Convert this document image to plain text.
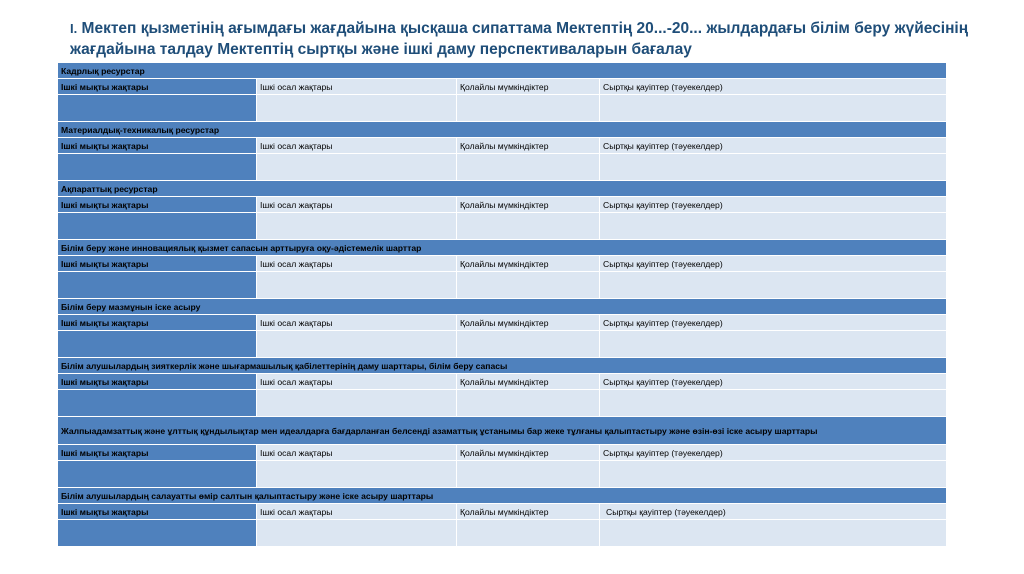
I. Мектеп қызметінің ағымдағы жағдайына қысқаша сипаттама Мектептің 20...-20... жылдардағы білім беру жүйесінің жағдайына талдау Мектептің сыртқы және ішкі даму перспективаларын бағалау
Кадрлық ресурстар			
Ішкі мықты жақтары	Ішкі осал жақтары	Қолайлы мүмкіндіктер	Сыртқы қауіптер (тәуекелдер)

Материалдық-техникалық ресурстар			
Ішкі мықты жақтары	Ішкі осал жақтары	Қолайлы мүмкіндіктер	Сыртқы қауіптер (тәуекелдер)

Ақпараттық ресурстар			
Ішкі мықты жақтары	Ішкі осал жақтары	Қолайлы мүмкіндіктер	Сыртқы қауіптер (тәуекелдер)

Білім беру және инновациялық қызмет сапасын арттыруға оқу-әдістемелік шарттар			
Ішкі мықты жақтары	Ішкі осал жақтары	Қолайлы мүмкіндіктер	Сыртқы қауіптер (тәуекелдер)

Білім беру мазмұнын іске асыру			
Ішкі мықты жақтары	Ішкі осал жақтары	Қолайлы мүмкіндіктер	Сыртқы қауіптер (тәуекелдер)

Білім алушылардың зияткерлік және шығармашылық қабілеттерінің даму шарттары, білім беру сапасы			
Ішкі мықты жақтары	Ішкі осал жақтары	Қолайлы мүмкіндіктер	Сыртқы қауіптер (тәуекелдер)

Жалпыадамзаттық және ұлттық құндылықтар мен идеалдарға бағдарланған белсенді азаматтық ұстанымы бар жеке тұлғаны қалыптастыру және өзін-өзі іске асыру шарттары			
Ішкі мықты жақтары	Ішкі осал жақтары	Қолайлы мүмкіндіктер	Сыртқы қауіптер (тәуекелдер)

Білім алушылардың салауатты өмір салтын қалыптастыру және іске асыру шарттары			
Ішкі мықты жақтары	Ішкі осал жақтары	Қолайлы мүмкіндіктер	Сыртқы қауіптер (тәуекелдер)
